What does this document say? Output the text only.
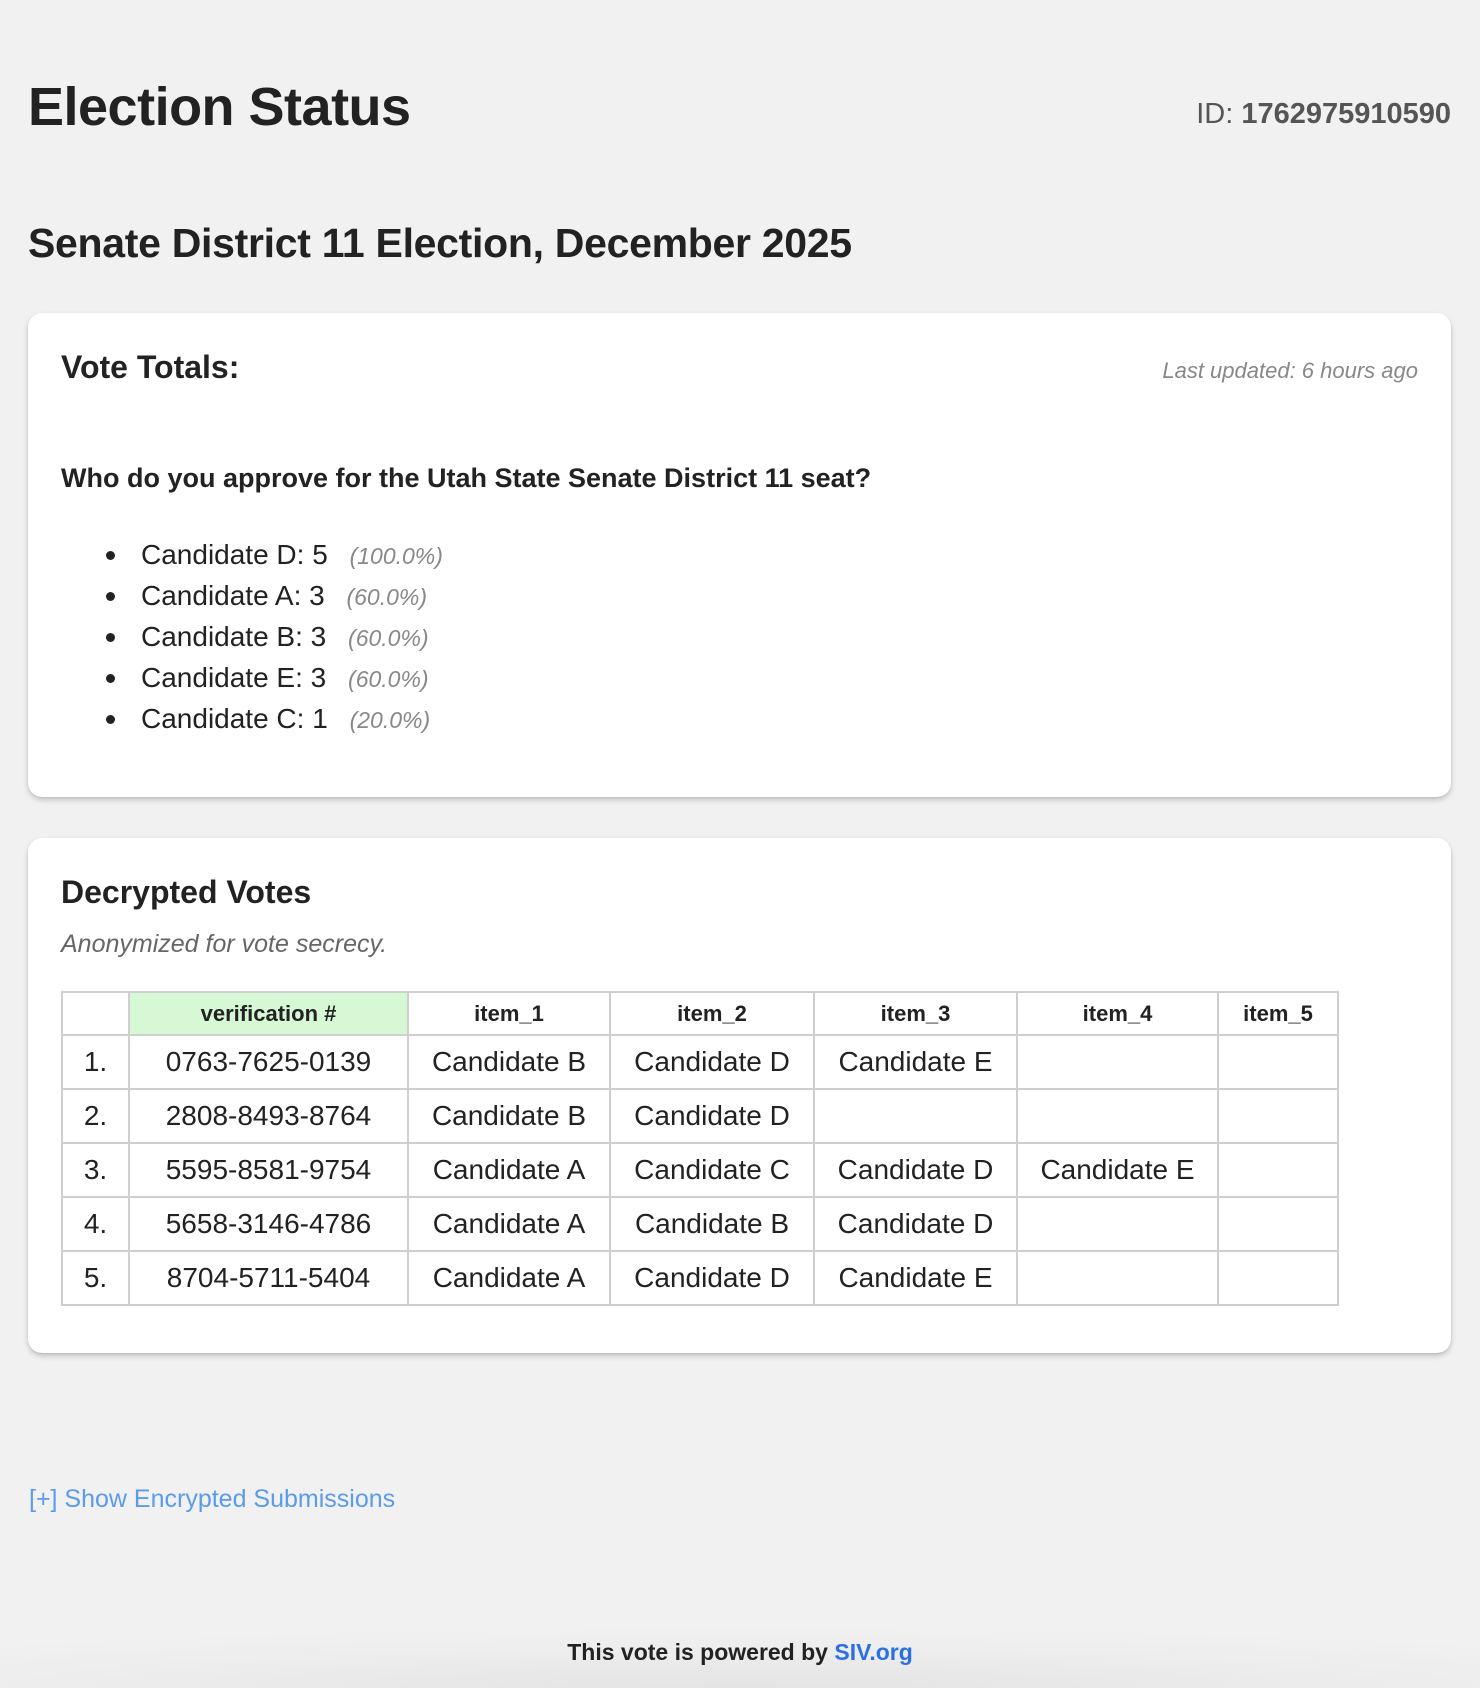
Election Status	ID: 1762975910590
Senate District 11 Election, December 2025
Vote Totals:	Last updated: 6 hours ago

Who do you approve for the Utah State Senate District 11 seat?

Candidate D: 5 (100.0%)
Candidate A: 3 (60.0%)
Candidate B: 3 (60.0%)
Candidate E: 3 (60.0%)
Candidate C: 1 (20.0%)
Decrypted Votes

Anonymized for vote secrecy.

	verification #	item_1	item_2	item_3	item_4	item_5
1.	0763-7625-0139	Candidate B	Candidate D	Candidate E		
2.	2808-8493-8764	Candidate B	Candidate D			
3.	5595-8581-9754	Candidate A	Candidate C	Candidate D	Candidate E	
4.	5658-3146-4786	Candidate A	Candidate B	Candidate D		
5.	8704-5711-5404	Candidate A	Candidate D	Candidate E		
[+] Show Encrypted Submissions
This vote is powered by SIV.org
